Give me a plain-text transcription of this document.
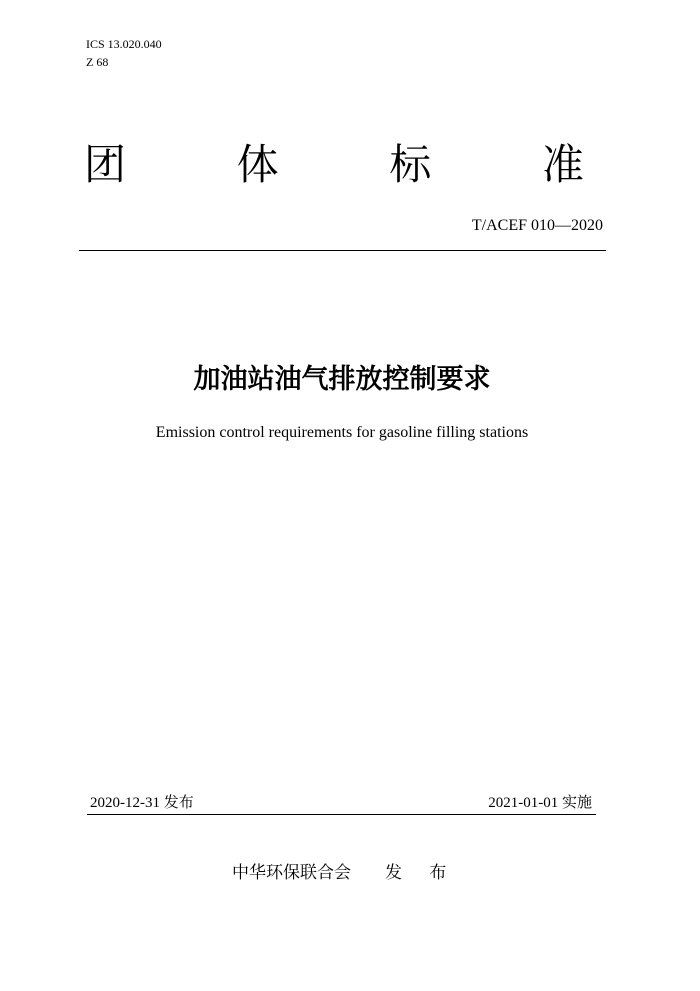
ICS 13.020.040
Z 68
团	体	标	准
T/ACEF 010—2020
加油站油气排放控制要求
Emission control requirements for gasoline filling stations
2020-12-31 发布	2021-01-01 实施
中华环保联合会 发 布
